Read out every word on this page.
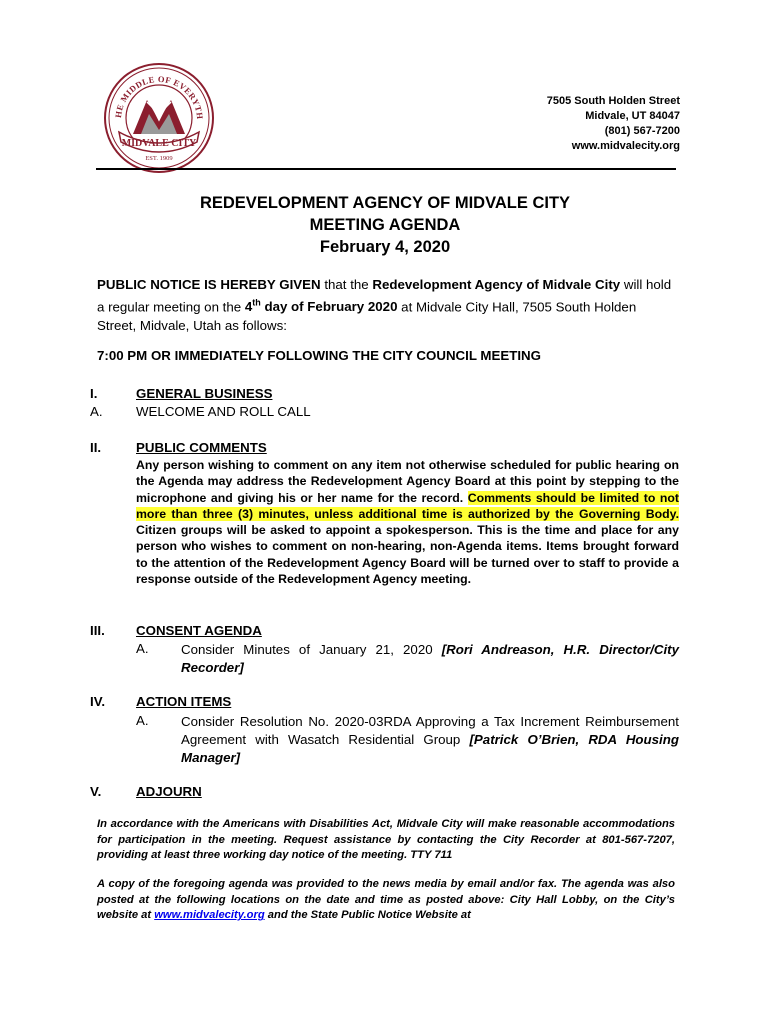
HE MIDDLE OF EVERYTH
MIDVALE CITY
EST. 1909
7505 South Holden Street
Midvale, UT 84047
(801) 567-7200
www.midvalecity.org
REDEVELOPMENT AGENCY OF MIDVALE CITY
MEETING AGENDA
February 4, 2020
PUBLIC NOTICE IS HEREBY GIVEN that the Redevelopment Agency of Midvale City will hold a regular meeting on the 4th day of February 2020 at Midvale City Hall, 7505 South Holden Street, Midvale, Utah as follows:
7:00 PM OR IMMEDIATELY FOLLOWING THE CITY COUNCIL MEETING
I.	GENERAL BUSINESS
A.	WELCOME AND ROLL CALL
II.	PUBLIC COMMENTS
Any person wishing to comment on any item not otherwise scheduled for public hearing on the Agenda may address the Redevelopment Agency Board at this point by stepping to the microphone and giving his or her name for the record. Comments should be limited to not more than three (3) minutes, unless additional time is authorized by the Governing Body. Citizen groups will be asked to appoint a spokesperson. This is the time and place for any person who wishes to comment on non-hearing, non-Agenda items. Items brought forward to the attention of the Redevelopment Agency Board will be turned over to staff to provide a response outside of the Redevelopment Agency meeting.
III. CONSENT AGENDA
A. Consider Minutes of January 21, 2020 [Rori Andreason, H.R. Director/City Recorder]
IV. ACTION ITEMS
A. Consider Resolution No. 2020-03RDA Approving a Tax Increment Reimbursement Agreement with Wasatch Residential Group [Patrick O’Brien, RDA Housing Manager]
V.	ADJOURN
In accordance with the Americans with Disabilities Act, Midvale City will make reasonable accommodations for participation in the meeting. Request assistance by contacting the City Recorder at 801-567-7207, providing at least three working day notice of the meeting. TTY 711
A copy of the foregoing agenda was provided to the news media by email and/or fax. The agenda was also posted at the following locations on the date and time as posted above: City Hall Lobby, on the City’s website at www.midvalecity.org and the State Public Notice Website at
